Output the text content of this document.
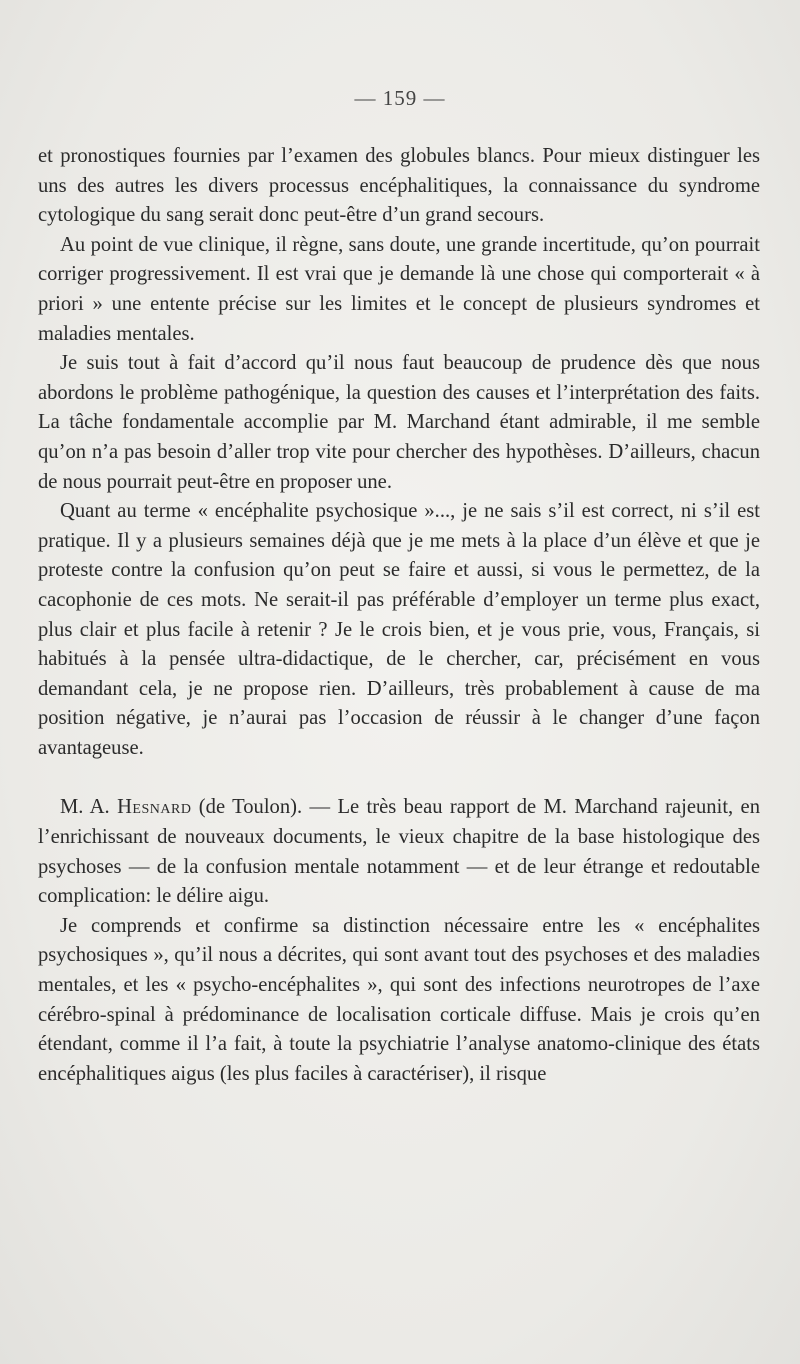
— 159 —

et pronostiques fournies par l’examen des globules blancs. Pour mieux distinguer les uns des autres les divers processus encéphalitiques, la connaissance du syndrome cytologique du sang serait donc peut-être d’un grand secours.

Au point de vue clinique, il règne, sans doute, une grande incertitude, qu’on pourrait corriger progressivement. Il est vrai que je demande là une chose qui comporterait « à priori » une entente précise sur les limites et le concept de plusieurs syndromes et maladies mentales.

Je suis tout à fait d’accord qu’il nous faut beaucoup de prudence dès que nous abordons le problème pathogénique, la question des causes et l’interprétation des faits. La tâche fondamentale accomplie par M. Marchand étant admirable, il me semble qu’on n’a pas besoin d’aller trop vite pour chercher des hypothèses. D’ailleurs, chacun de nous pourrait peut-être en proposer une.

Quant au terme « encéphalite psychosique »..., je ne sais s’il est correct, ni s’il est pratique. Il y a plusieurs semaines déjà que je me mets à la place d’un élève et que je proteste contre la confusion qu’on peut se faire et aussi, si vous le permettez, de la cacophonie de ces mots. Ne serait-il pas préférable d’employer un terme plus exact, plus clair et plus facile à retenir ? Je le crois bien, et je vous prie, vous, Français, si habitués à la pensée ultra-didactique, de le chercher, car, précisément en vous demandant cela, je ne propose rien. D’ailleurs, très probablement à cause de ma position négative, je n’aurai pas l’occasion de réussir à le changer d’une façon avantageuse.

M. A. Hesnard (de Toulon). — Le très beau rapport de M. Marchand rajeunit, en l’enrichissant de nouveaux documents, le vieux chapitre de la base histologique des psychoses — de la confusion mentale notamment — et de leur étrange et redoutable complication: le délire aigu.

Je comprends et confirme sa distinction nécessaire entre les « encéphalites psychosiques », qu’il nous a décrites, qui sont avant tout des psychoses et des maladies mentales, et les « psycho-encéphalites », qui sont des infections neurotropes de l’axe cérébro-spinal à prédominance de localisation corticale diffuse. Mais je crois qu’en étendant, comme il l’a fait, à toute la psychiatrie l’analyse anatomo-clinique des états encéphalitiques aigus (les plus faciles à caractériser), il risque
